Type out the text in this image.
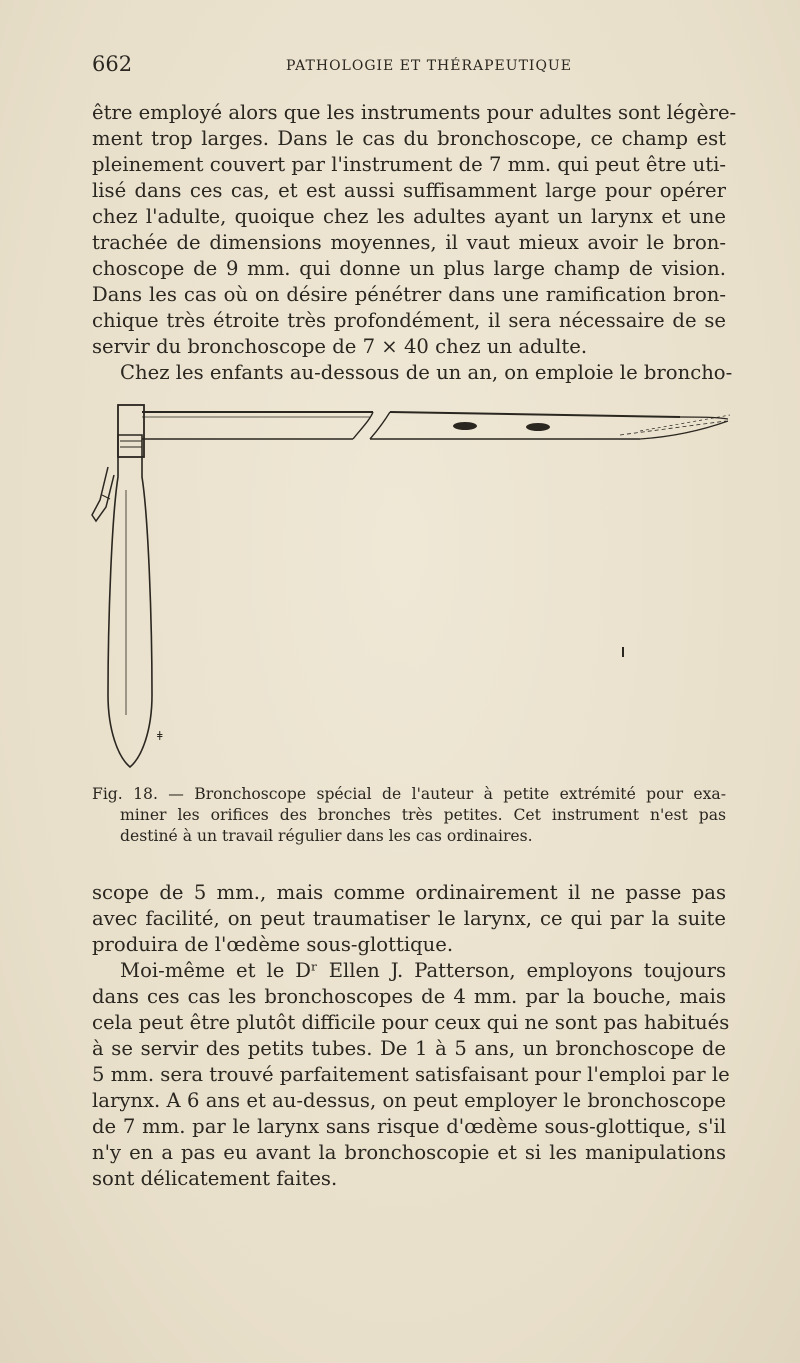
662	PATHOLOGIE ET THÉRAPEUTIQUE

être employé alors que les instruments pour adultes sont légère-
ment trop larges. Dans le cas du bronchoscope, ce champ est
pleinement couvert par l'instrument de 7 mm. qui peut être uti-
lisé dans ces cas, et est aussi suffisamment large pour opérer
chez l'adulte, quoique chez les adultes ayant un larynx et une
trachée de dimensions moyennes, il vaut mieux avoir le bron-
choscope de 9 mm. qui donne un plus large champ de vision.
Dans les cas où on désire pénétrer dans une ramification bron-
chique très étroite très profondément, il sera nécessaire de se
servir du bronchoscope de 7 × 40 chez un adulte.
Chez les enfants au-dessous de un an, on emploie le broncho-

ǂ
Fig. 18. — Bronchoscope spécial de l'auteur à petite extrémité pour exa-
miner les orifices des bronches très petites. Cet instrument n'est pas
destiné à un travail régulier dans les cas ordinaires.

scope de 5 mm., mais comme ordinairement il ne passe pas
avec facilité, on peut traumatiser le larynx, ce qui par la suite
produira de l'œdème sous-glottique.

Moi-même et le Dʳ Ellen J. Patterson, employons toujours
dans ces cas les bronchoscopes de 4 mm. par la bouche, mais
cela peut être plutôt difficile pour ceux qui ne sont pas habitués
à se servir des petits tubes. De 1 à 5 ans, un bronchoscope de
5 mm. sera trouvé parfaitement satisfaisant pour l'emploi par le
larynx. A 6 ans et au-dessus, on peut employer le bronchoscope
de 7 mm. par le larynx sans risque d'œdème sous-glottique, s'il
n'y en a pas eu avant la bronchoscopie et si les manipulations
sont délicatement faites.
